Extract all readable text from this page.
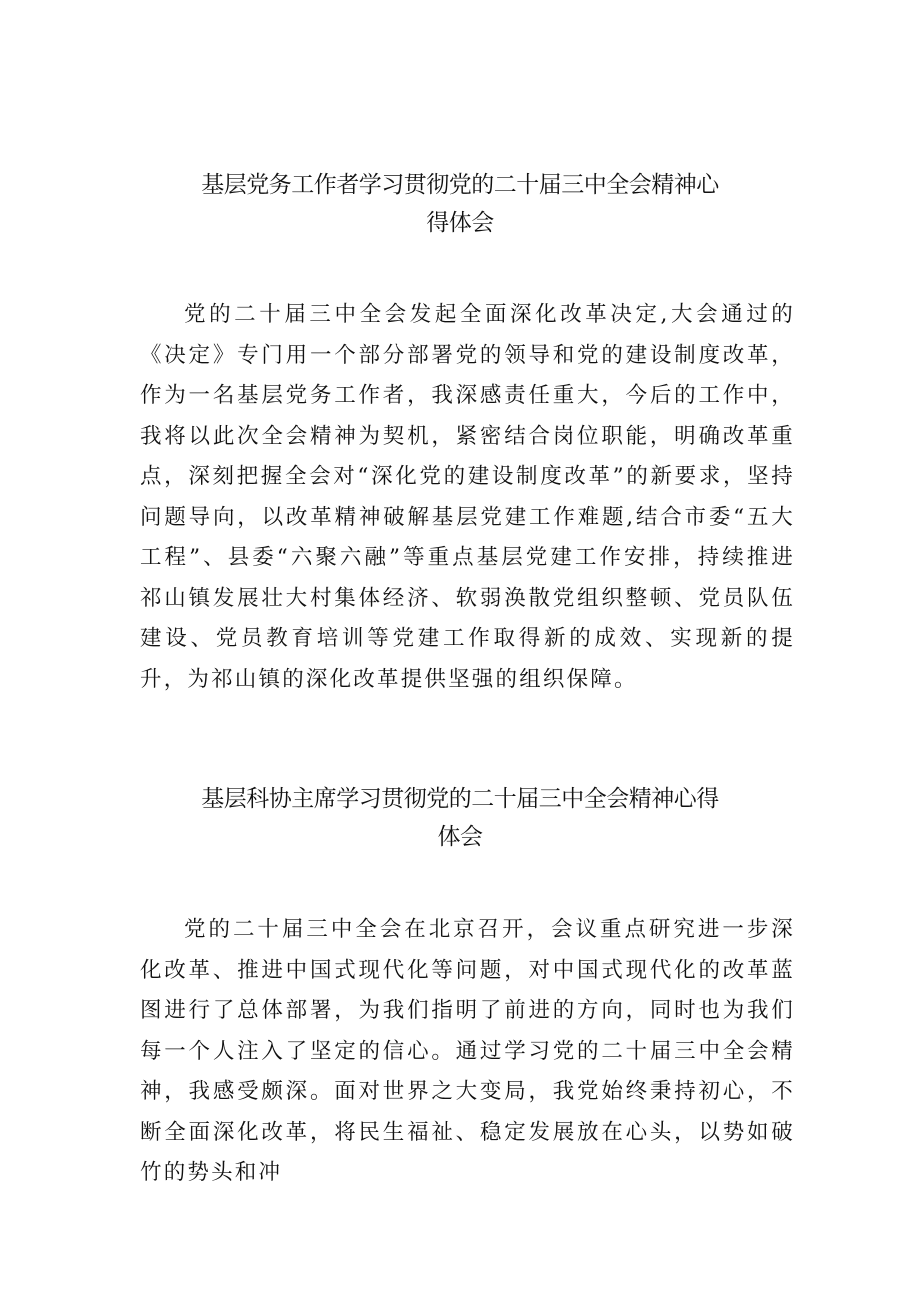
基层党务工作者学习贯彻党的二十届三中全会精神心
得体会

党的二十届三中全会发起全面深化改革决定,大会通过的《决定》专门用一个部分部署党的领导和党的建设制度改革，作为一名基层党务工作者，我深感责任重大，今后的工作中，我将以此次全会精神为契机，紧密结合岗位职能，明确改革重点，深刻把握全会对“深化党的建设制度改革”的新要求，坚持问题导向，以改革精神破解基层党建工作难题,结合市委“五大工程”、县委“六聚六融”等重点基层党建工作安排，持续推进祁山镇发展壮大村集体经济、软弱涣散党组织整顿、党员队伍建设、党员教育培训等党建工作取得新的成效、实现新的提升，为祁山镇的深化改革提供坚强的组织保障。

基层科协主席学习贯彻党的二十届三中全会精神心得
体会

党的二十届三中全会在北京召开，会议重点研究进一步深化改革、推进中国式现代化等问题，对中国式现代化的改革蓝图进行了总体部署，为我们指明了前进的方向，同时也为我们每一个人注入了坚定的信心。通过学习党的二十届三中全会精神，我感受颇深。面对世界之大变局，我党始终秉持初心，不断全面深化改革，将民生福祉、稳定发展放在心头，以势如破竹的势头和冲
